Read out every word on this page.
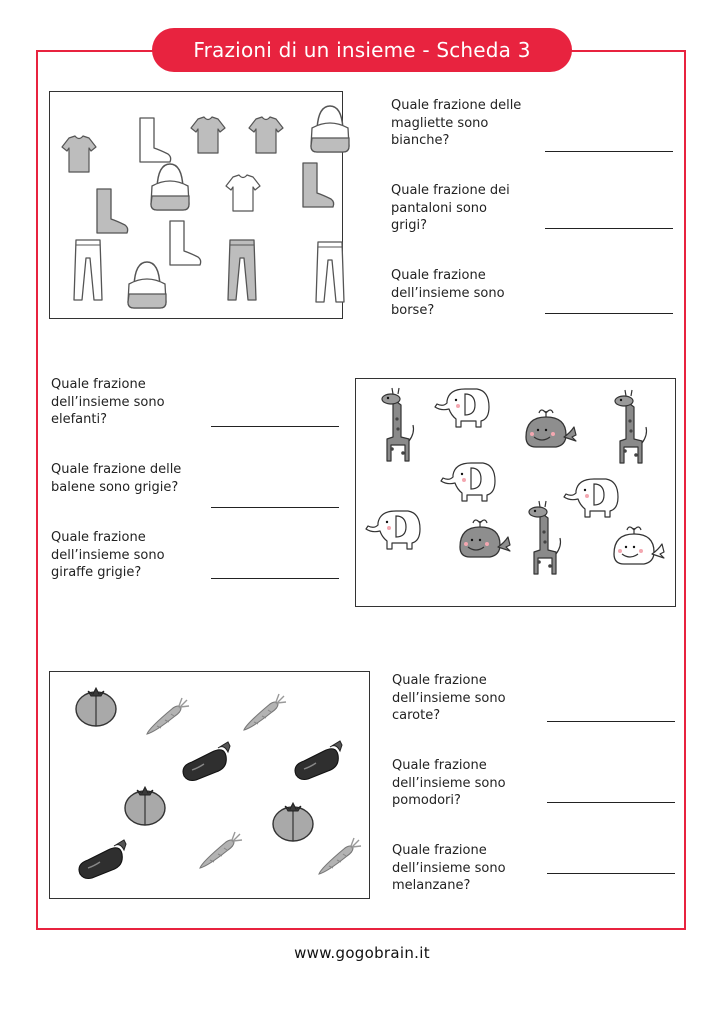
Frazioni di un insieme - Scheda 3
Quale frazione delle
magliette sono
bianche?
Quale frazione dei
pantaloni sono
grigi?
Quale frazione
dell’insieme sono
borse?
Quale frazione
dell’insieme sono
elefanti?
Quale frazione delle
balene sono grigie?
Quale frazione
dell’insieme sono
giraffe grigie?
Quale frazione
dell’insieme sono
carote?
Quale frazione
dell’insieme sono
pomodori?
Quale frazione
dell’insieme sono
melanzane?
www.gogobrain.it
